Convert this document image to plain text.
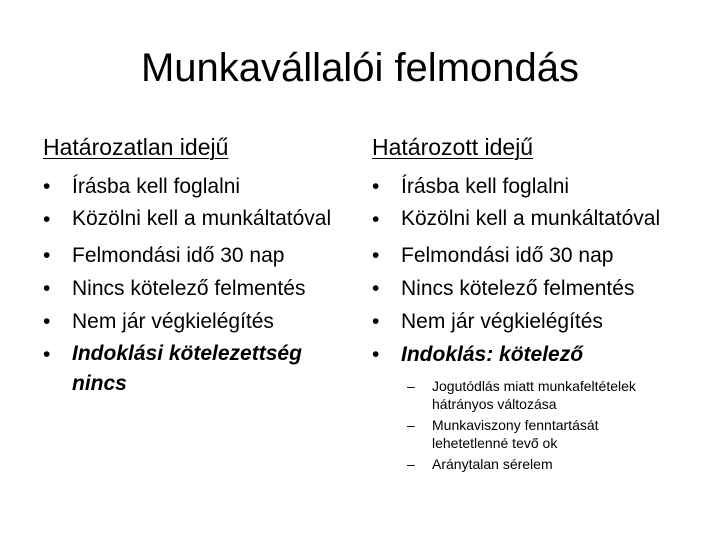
Munkavállalói felmondás
Határozatlan idejű
• Írásba kell foglalni
• Közölni kell a munkáltatóval
• Felmondási idő 30 nap
• Nincs kötelező felmentés
• Nem jár végkielégítés
• Indoklási kötelezettség nincs
Határozott idejű
• Írásba kell foglalni
• Közölni kell a munkáltatóval
• Felmondási idő 30 nap
• Nincs kötelező felmentés
• Nem jár végkielégítés
• Indoklás: kötelező
– Jogutódlás miatt munkafeltételek hátrányos változása
– Munkaviszony fenntartását lehetetlenné tevő ok
– Aránytalan sérelem
